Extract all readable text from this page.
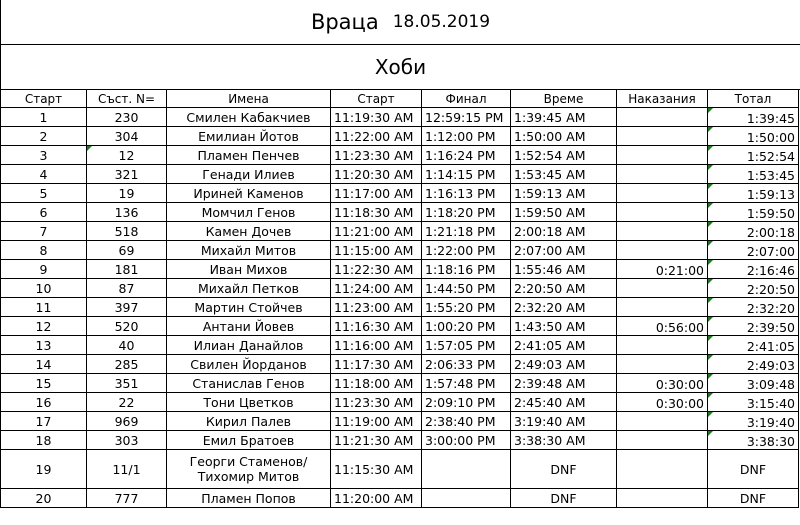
Враца 18.05.2019
Хоби
Старт	Съст. N=	Имена	Старт	Финал	Време	Наказания	Тотал
1	230	Смилен Кабакчиев	11:19:30 AM	12:59:15 PM	1:39:45 AM		1:39:45
2	304	Емилиан Йотов	11:22:00 AM	1:12:00 PM	1:50:00 AM		1:50:00
3	12	Пламен Пенчев	11:23:30 AM	1:16:24 PM	1:52:54 AM		1:52:54
4	321	Генади Илиев	11:20:30 AM	1:14:15 PM	1:53:45 AM		1:53:45
5	19	Ириней Каменов	11:17:00 AM	1:16:13 PM	1:59:13 AM		1:59:13
6	136	Момчил Генов	11:18:30 AM	1:18:20 PM	1:59:50 AM		1:59:50
7	518	Камен Дочев	11:21:00 AM	1:21:18 PM	2:00:18 AM		2:00:18
8	69	Михайл Митов	11:15:00 AM	1:22:00 PM	2:07:00 AM		2:07:00
9	181	Иван Михов	11:22:30 AM	1:18:16 PM	1:55:46 AM	0:21:00	2:16:46
10	87	Михайл Петков	11:24:00 AM	1:44:50 PM	2:20:50 AM		2:20:50
11	397	Мартин Стойчев	11:23:00 AM	1:55:20 PM	2:32:20 AM		2:32:20
12	520	Антани Йовев	11:16:30 AM	1:00:20 PM	1:43:50 AM	0:56:00	2:39:50
13	40	Илиан Данайлов	11:16:00 AM	1:57:05 PM	2:41:05 AM		2:41:05
14	285	Свилен Йорданов	11:17:30 AM	2:06:33 PM	2:49:03 AM		2:49:03
15	351	Станислав Генов	11:18:00 AM	1:57:48 PM	2:39:48 AM	0:30:00	3:09:48
16	22	Тони Цветков	11:23:30 AM	2:09:10 PM	2:45:40 AM	0:30:00	3:15:40
17	969	Кирил Палев	11:19:00 AM	2:38:40 PM	3:19:40 AM		3:19:40
18	303	Емил Братоев	11:21:30 AM	3:00:00 PM	3:38:30 AM		3:38:30
19	11/1	Георги Стаменов/
Тихомир Митов	11:15:30 AM		DNF		DNF
20	777	Пламен Попов	11:20:00 AM		DNF		DNF
